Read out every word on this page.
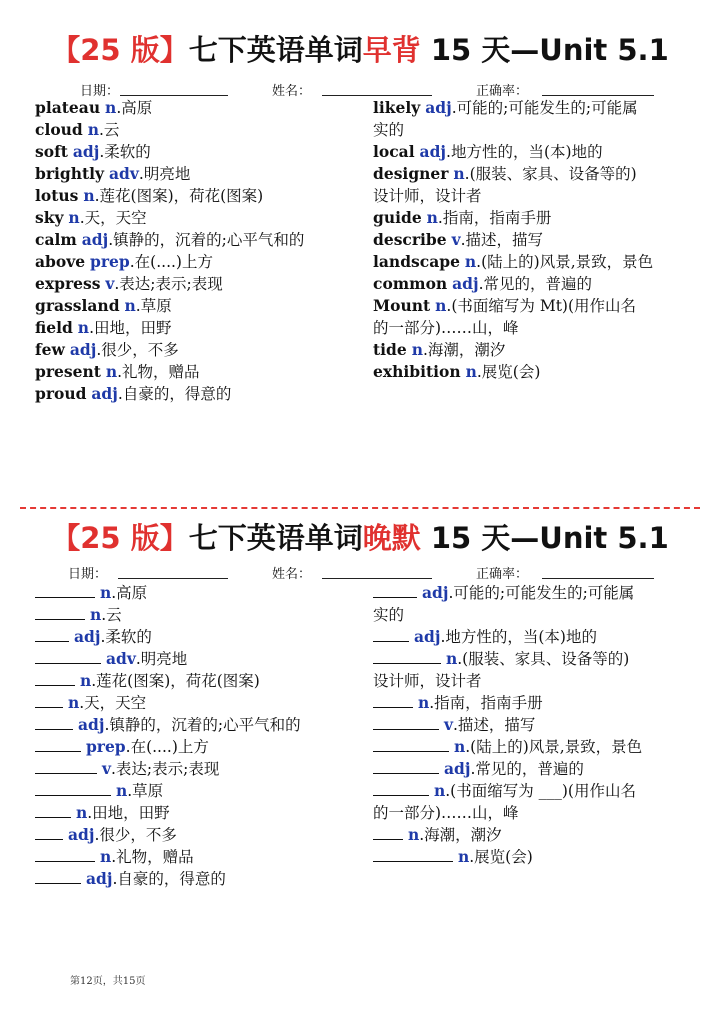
【25 版】七下英语单词早背 15 天—Unit 5.1
日期：	姓名：	正确率：
plateau n.高原
cloud n.云
soft adj.柔软的
brightly adv.明亮地
lotus n.莲花(图案)，荷花(图案)
sky n.天，天空
calm adj.镇静的，沉着的;心平气和的
above prep.在(....)上方
express v.表达;表示;表现
grassland n.草原
field n.田地，田野
few adj.很少，不多
present n.礼物，赠品
proud adj.自豪的，得意的
likely adj.可能的;可能发生的;可能属
实的
local adj.地方性的，当(本)地的
designer n.(服装、家具、设备等的)
设计师，设计者
guide n.指南，指南手册
describe v.描述，描写
landscape n.(陆上的)风景,景致，景色
common adj.常见的，普遍的
Mount n.(书面缩写为 Mt)(用作山名
的一部分)……山，峰
tide n.海潮，潮汐
exhibition n.展览(会)
【25 版】七下英语单词晚默 15 天—Unit 5.1
日期：	姓名：	正确率：
n.高原
n.云
adj.柔软的
adv.明亮地
n.莲花(图案)，荷花(图案)
n.天，天空
adj.镇静的，沉着的;心平气和的
prep.在(....)上方
v.表达;表示;表现
n.草原
n.田地，田野
adj.很少，不多
n.礼物，赠品
adj.自豪的，得意的
adj.可能的;可能发生的;可能属
实的
adj.地方性的，当(本)地的
n.(服装、家具、设备等的)
设计师，设计者
n.指南，指南手册
v.描述，描写
n.(陆上的)风景,景致，景色
adj.常见的，普遍的
n.(书面缩写为 ___)(用作山名
的一部分)……山，峰
n.海潮，潮汐
n.展览(会)
第12页，共15页
